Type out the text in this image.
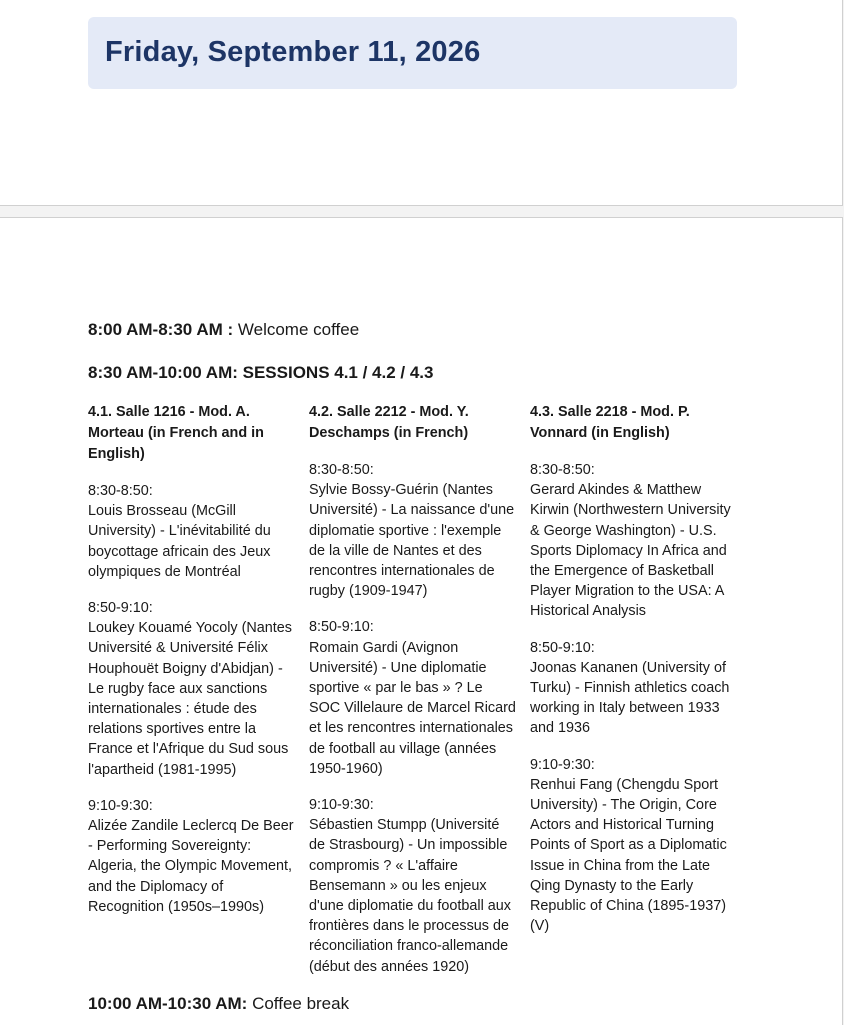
Friday, September 11, 2026
8:00 AM-8:30 AM : Welcome coffee
8:30 AM-10:00 AM: SESSIONS 4.1 / 4.2 / 4.3
4.1. Salle 1216 - Mod. A. Morteau (in French and in English)
8:30-8:50:
Louis Brosseau (McGill University) - L'inévitabilité du boycottage africain des Jeux olympiques de Montréal
8:50-9:10:
Loukey Kouamé Yocoly (Nantes Université & Université Félix Houphouët Boigny d'Abidjan) - Le rugby face aux sanctions internationales : étude des relations sportives entre la France et l'Afrique du Sud sous l'apartheid (1981-1995)
9:10-9:30:
Alizée Zandile Leclercq De Beer - Performing Sovereignty: Algeria, the Olympic Movement, and the Diplomacy of Recognition (1950s–1990s)
4.2. Salle 2212 - Mod. Y. Deschamps (in French)
8:30-8:50:
Sylvie Bossy-Guérin (Nantes Université) - La naissance d'une diplomatie sportive : l'exemple de la ville de Nantes et des rencontres internationales de rugby (1909-1947)
8:50-9:10:
Romain Gardi (Avignon Université) - Une diplomatie sportive « par le bas » ? Le SOC Villelaure de Marcel Ricard et les rencontres internationales de football au village (années 1950-1960)
9:10-9:30:
Sébastien Stumpp (Université de Strasbourg) - Un impossible compromis ? « L'affaire Bensemann » ou les enjeux d'une diplomatie du football aux frontières dans le processus de réconciliation franco-allemande (début des années 1920)
4.3. Salle 2218 - Mod. P. Vonnard (in English)
8:30-8:50:
Gerard Akindes & Matthew Kirwin (Northwestern University & George Washington) - U.S. Sports Diplomacy In Africa and the Emergence of Basketball Player Migration to the USA: A Historical Analysis
8:50-9:10:
Joonas Kananen (University of Turku) - Finnish athletics coach working in Italy between 1933 and 1936
9:10-9:30:
Renhui Fang (Chengdu Sport University) - The Origin, Core Actors and Historical Turning Points of Sport as a Diplomatic Issue in China from the Late Qing Dynasty to the Early Republic of China (1895-1937) (V)
10:00 AM-10:30 AM: Coffee break
